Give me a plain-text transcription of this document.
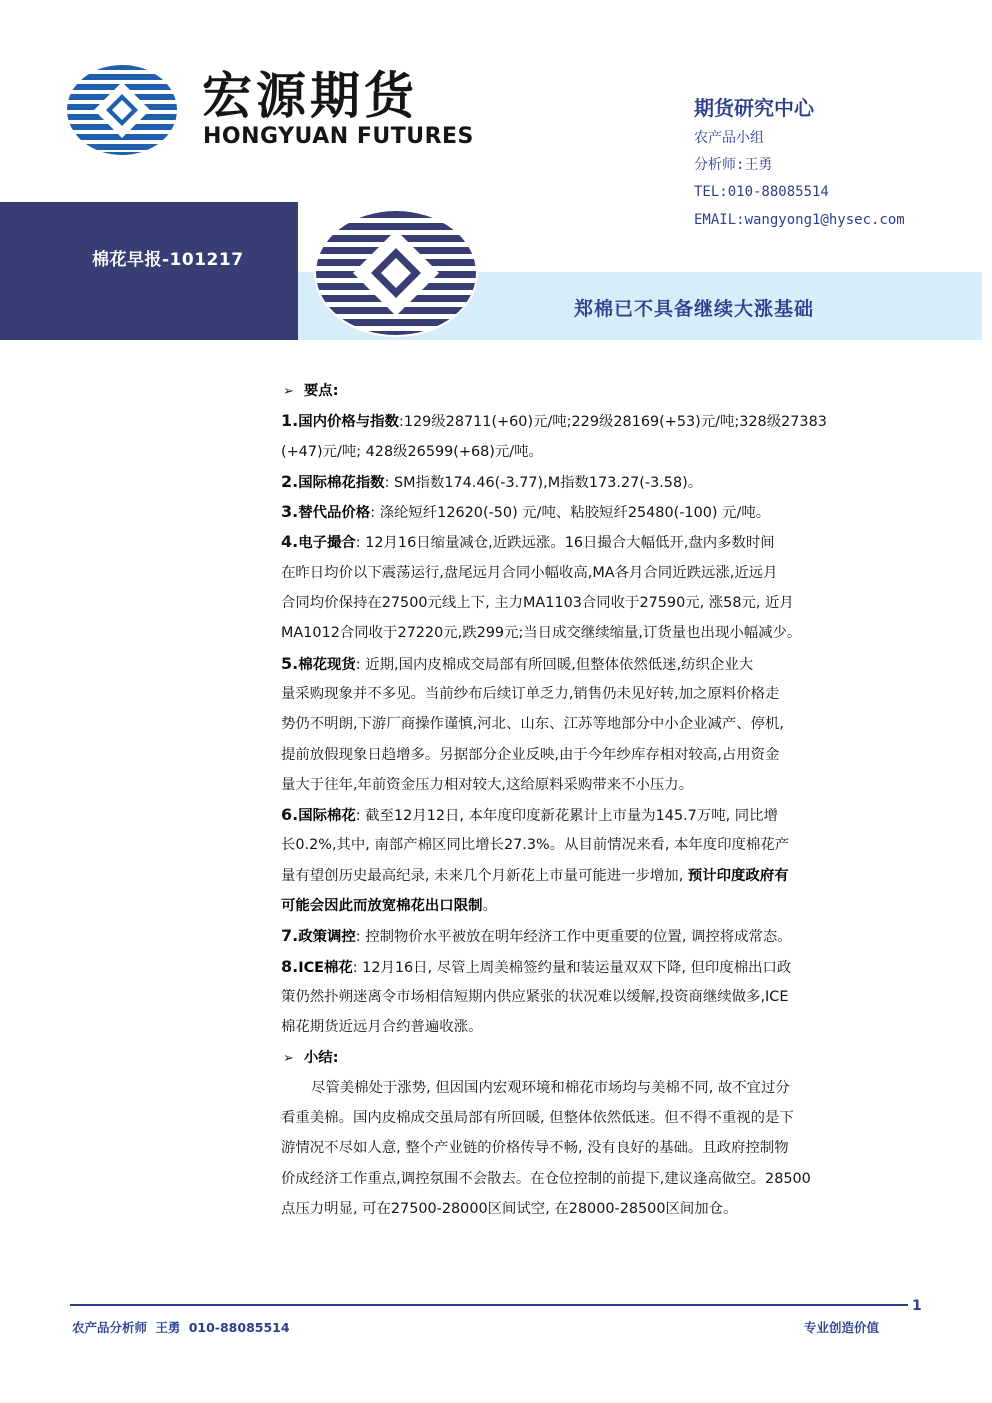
宏源期货
HONGYUAN FUTURES
期货研究中心
农产品小组
分析师:王勇
TEL:010-88085514
EMAIL:wangyong1@hysec.com
棉花早报-101217
郑棉已不具备继续大涨基础
➢ 要点:
1.国内价格与指数:129级28711(+60)元/吨;229级28169(+53)元/吨;328级27383
(+47)元/吨; 428级26599(+68)元/吨。
2.国际棉花指数: SM指数174.46(-3.77),M指数173.27(-3.58)。
3.替代品价格: 涤纶短纤12620(-50) 元/吨、粘胶短纤25480(-100) 元/吨。
4.电子撮合: 12月16日缩量减仓,近跌远涨。16日撮合大幅低开,盘内多数时间
在昨日均价以下震荡运行,盘尾远月合同小幅收高,MA各月合同近跌远涨,近远月
合同均价保持在27500元线上下, 主力MA1103合同收于27590元, 涨58元, 近月
MA1012合同收于27220元,跌299元;当日成交继续缩量,订货量也出现小幅减少。
5.棉花现货: 近期,国内皮棉成交局部有所回暖,但整体依然低迷,纺织企业大
量采购现象并不多见。当前纱布后续订单乏力,销售仍未见好转,加之原料价格走
势仍不明朗,下游厂商操作谨慎,河北、山东、江苏等地部分中小企业减产、停机,
提前放假现象日趋增多。另据部分企业反映,由于今年纱库存相对较高,占用资金
量大于往年,年前资金压力相对较大,这给原料采购带来不小压力。
6.国际棉花: 截至12月12日, 本年度印度新花累计上市量为145.7万吨, 同比增
长0.2%,其中, 南部产棉区同比增长27.3%。从目前情况来看, 本年度印度棉花产
量有望创历史最高纪录, 未来几个月新花上市量可能进一步增加, 预计印度政府有
可能会因此而放宽棉花出口限制。
7.政策调控: 控制物价水平被放在明年经济工作中更重要的位置, 调控将成常态。
8.ICE棉花: 12月16日, 尽管上周美棉签约量和装运量双双下降, 但印度棉出口政
策仍然扑朔迷离令市场相信短期内供应紧张的状况难以缓解,投资商继续做多,ICE
棉花期货近远月合约普遍收涨。
➢ 小结:
尽管美棉处于涨势, 但因国内宏观环境和棉花市场均与美棉不同, 故不宜过分
看重美棉。国内皮棉成交虽局部有所回暖, 但整体依然低迷。但不得不重视的是下
游情况不尽如人意, 整个产业链的价格传导不畅, 没有良好的基础。且政府控制物
价成经济工作重点,调控氛围不会散去。在仓位控制的前提下,建议逢高做空。28500
点压力明显, 可在27500-28000区间试空, 在28000-28500区间加仓。
1
农产品分析师 王勇 010-88085514	专业创造价值
